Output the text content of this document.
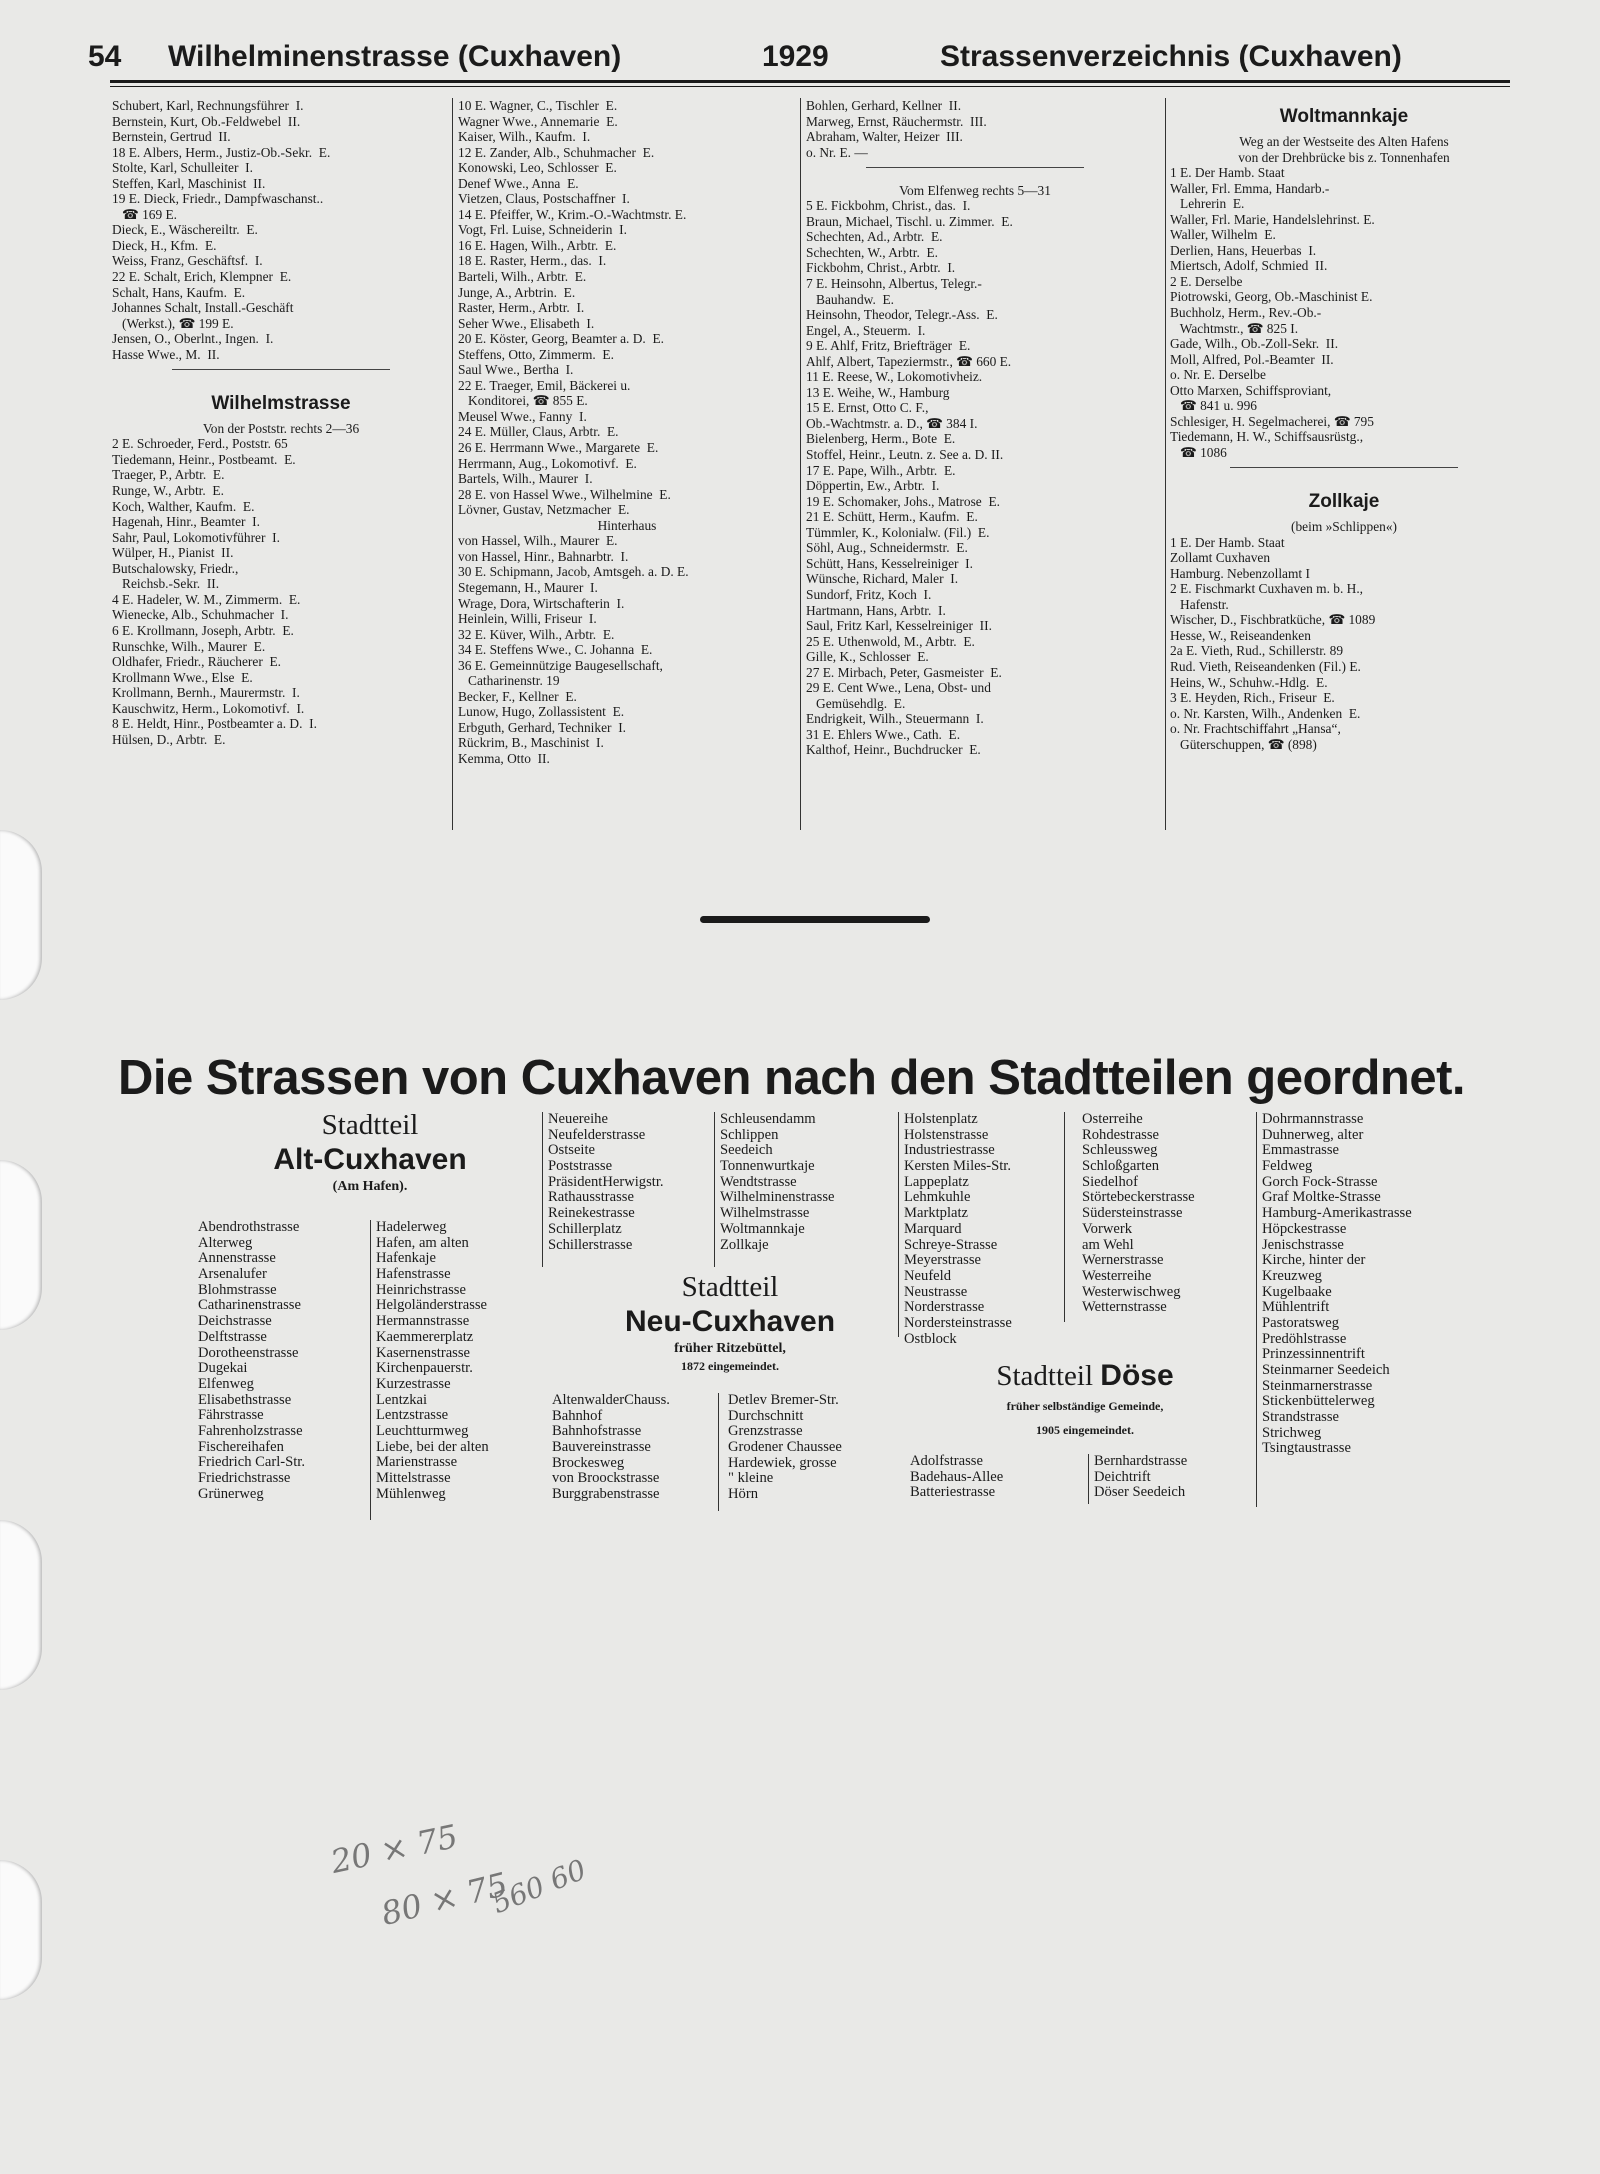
54 Wilhelminenstrasse (Cuxhaven)	1929	Strassenverzeichnis (Cuxhaven)
Schubert, Karl, Rechnungsführer  I.
Bernstein, Kurt, Ob.-Feldwebel  II.
Bernstein, Gertrud  II.
18 E. Albers, Herm., Justiz-Ob.-Sekr.  E.
Stolte, Karl, Schulleiter  I.
Steffen, Karl, Maschinist  II.
19 E. Dieck, Friedr., Dampfwaschanst..
☎ 169 E.
Dieck, E., Wäschereiltr.  E.
Dieck, H., Kfm.  E.
Weiss, Franz, Geschäftsf.  I.
22 E. Schalt, Erich, Klempner  E.
Schalt, Hans, Kaufm.  E.
Johannes Schalt, Install.-Geschäft
(Werkst.), ☎ 199 E.
Jensen, O., Oberlnt., Ingen.  I.
Hasse Wwe., M.  II.
Wilhelmstrasse
Von der Poststr. rechts 2—36
2 E. Schroeder, Ferd., Poststr. 65
Tiedemann, Heinr., Postbeamt.  E.
Traeger, P., Arbtr.  E.
Runge, W., Arbtr.  E.
Koch, Walther, Kaufm.  E.
Hagenah, Hinr., Beamter  I.
Sahr, Paul, Lokomotivführer  I.
Wülper, H., Pianist  II.
Butschalowsky, Friedr.,
Reichsb.-Sekr.  II.
4 E. Hadeler, W. M., Zimmerm.  E.
Wienecke, Alb., Schuhmacher  I.
6 E. Krollmann, Joseph, Arbtr.  E.
Runschke, Wilh., Maurer  E.
Oldhafer, Friedr., Räucherer  E.
Krollmann Wwe., Else  E.
Krollmann, Bernh., Maurermstr.  I.
Kauschwitz, Herm., Lokomotivf.  I.
8 E. Heldt, Hinr., Postbeamter a. D.  I.
Hülsen, D., Arbtr.  E.
10 E. Wagner, C., Tischler  E.
Wagner Wwe., Annemarie  E.
Kaiser, Wilh., Kaufm.  I.
12 E. Zander, Alb., Schuhmacher  E.
Konowski, Leo, Schlosser  E.
Denef Wwe., Anna  E.
Vietzen, Claus, Postschaffner  I.
14 E. Pfeiffer, W., Krim.-O.-Wachtmstr. E.
Vogt, Frl. Luise, Schneiderin  I.
16 E. Hagen, Wilh., Arbtr.  E.
18 E. Raster, Herm., das.  I.
Barteli, Wilh., Arbtr.  E.
Junge, A., Arbtrin.  E.
Raster, Herm., Arbtr.  I.
Seher Wwe., Elisabeth  I.
20 E. Köster, Georg, Beamter a. D.  E.
Steffens, Otto, Zimmerm.  E.
Saul Wwe., Bertha  I.
22 E. Traeger, Emil, Bäckerei u.
Konditorei, ☎ 855 E.
Meusel Wwe., Fanny  I.
24 E. Müller, Claus, Arbtr.  E.
26 E. Herrmann Wwe., Margarete  E.
Herrmann, Aug., Lokomotivf.  E.
Bartels, Wilh., Maurer  I.
28 E. von Hassel Wwe., Wilhelmine  E.
Lövner, Gustav, Netzmacher  E.
Hinterhaus
von Hassel, Wilh., Maurer  E.
von Hassel, Hinr., Bahnarbtr.  I.
30 E. Schipmann, Jacob, Amtsgeh. a. D. E.
Stegemann, H., Maurer  I.
Wrage, Dora, Wirtschafterin  I.
Heinlein, Willi, Friseur  I.
32 E. Küver, Wilh., Arbtr.  E.
34 E. Steffens Wwe., C. Johanna  E.
36 E. Gemeinnützige Baugesellschaft,
Catharinenstr. 19
Becker, F., Kellner  E.
Lunow, Hugo, Zollassistent  E.
Erbguth, Gerhard, Techniker  I.
Rückrim, B., Maschinist  I.
Kemma, Otto  II.
Bohlen, Gerhard, Kellner  II.
Marweg, Ernst, Räuchermstr.  III.
Abraham, Walter, Heizer  III.
o. Nr. E. —
Vom Elfenweg rechts 5—31
5 E. Fickbohm, Christ., das.  I.
Braun, Michael, Tischl. u. Zimmer.  E.
Schechten, Ad., Arbtr.  E.
Schechten, W., Arbtr.  E.
Fickbohm, Christ., Arbtr.  I.
7 E. Heinsohn, Albertus, Telegr.-
Bauhandw.  E.
Heinsohn, Theodor, Telegr.-Ass.  E.
Engel, A., Steuerm.  I.
9 E. Ahlf, Fritz, Briefträger  E.
Ahlf, Albert, Tapeziermstr., ☎ 660 E.
11 E. Reese, W., Lokomotivheiz.
13 E. Weihe, W., Hamburg
15 E. Ernst, Otto C. F.,
Ob.-Wachtmstr. a. D., ☎ 384 I.
Bielenberg, Herm., Bote  E.
Stoffel, Heinr., Leutn. z. See a. D. II.
17 E. Pape, Wilh., Arbtr.  E.
Döppertin, Ew., Arbtr.  I.
19 E. Schomaker, Johs., Matrose  E.
21 E. Schütt, Herm., Kaufm.  E.
Tümmler, K., Kolonialw. (Fil.)  E.
Söhl, Aug., Schneidermstr.  E.
Schütt, Hans, Kesselreiniger  I.
Wünsche, Richard, Maler  I.
Sundorf, Fritz, Koch  I.
Hartmann, Hans, Arbtr.  I.
Saul, Fritz Karl, Kesselreiniger  II.
25 E. Uthenwold, M., Arbtr.  E.
Gille, K., Schlosser  E.
27 E. Mirbach, Peter, Gasmeister  E.
29 E. Cent Wwe., Lena, Obst- und
Gemüsehdlg.  E.
Endrigkeit, Wilh., Steuermann  I.
31 E. Ehlers Wwe., Cath.  E.
Kalthof, Heinr., Buchdrucker  E.
Woltmannkaje
Weg an der Westseite des Alten Hafens
von der Drehbrücke bis z. Tonnenhafen
1 E. Der Hamb. Staat
Waller, Frl. Emma, Handarb.-
Lehrerin  E.
Waller, Frl. Marie, Handelslehrinst. E.
Waller, Wilhelm  E.
Derlien, Hans, Heuerbas  I.
Miertsch, Adolf, Schmied  II.
2 E. Derselbe
Piotrowski, Georg, Ob.-Maschinist E.
Buchholz, Herm., Rev.-Ob.-
Wachtmstr., ☎ 825 I.
Gade, Wilh., Ob.-Zoll-Sekr.  II.
Moll, Alfred, Pol.-Beamter  II.
o. Nr. E. Derselbe
Otto Marxen, Schiffsproviant,
☎ 841 u. 996
Schlesiger, H. Segelmacherei, ☎ 795
Tiedemann, H. W., Schiffsausrüstg.,
☎ 1086
Zollkaje
(beim »Schlippen«)
1 E. Der Hamb. Staat
Zollamt Cuxhaven
Hamburg. Nebenzollamt I
2 E. Fischmarkt Cuxhaven m. b. H.,
Hafenstr.
Wischer, D., Fischbratküche, ☎ 1089
Hesse, W., Reiseandenken
2a E. Vieth, Rud., Schillerstr. 89
Rud. Vieth, Reiseandenken (Fil.) E.
Heins, W., Schuhw.-Hdlg.  E.
3 E. Heyden, Rich., Friseur  E.
o. Nr. Karsten, Wilh., Andenken  E.
o. Nr. Frachtschiffahrt „Hansa“,
Güterschuppen, ☎ (898)
Die Strassen von Cuxhaven nach den Stadtteilen geordnet.
Stadtteil
Alt-Cuxhaven
(Am Hafen).
Abendrothstrasse
Alterweg
Annenstrasse
Arsenalufer
Blohmstrasse
Catharinenstrasse
Deichstrasse
Delftstrasse
Dorotheenstrasse
Dugekai
Elfenweg
Elisabethstrasse
Fährstrasse
Fahrenholzstrasse
Fischereihafen
Friedrich Carl-Str.
Friedrichstrasse
Grünerweg
Hadelerweg
Hafen, am alten
Hafenkaje
Hafenstrasse
Heinrichstrasse
Helgoländerstrasse
Hermannstrasse
Kaemmererplatz
Kasernenstrasse
Kirchenpauerstr.
Kurzestrasse
Lentzkai
Lentzstrasse
Leuchtturmweg
Liebe, bei der alten
Marienstrasse
Mittelstrasse
Mühlenweg
Neuereihe
Neufelderstrasse
Ostseite
Poststrasse
PräsidentHerwigstr.
Rathausstrasse
Reinekestrasse
Schillerplatz
Schillerstrasse
Schleusendamm
Schlippen
Seedeich
Tonnenwurtkaje
Wendtstrasse
Wilhelminenstrasse
Wilhelmstrasse
Woltmannkaje
Zollkaje
Stadtteil
Neu-Cuxhaven
früher Ritzebüttel,
1872 eingemeindet.
AltenwalderChauss.
Bahnhof
Bahnhofstrasse
Bauvereinstrasse
Brockesweg
von Broockstrasse
Burggrabenstrasse
Detlev Bremer-Str.
Durchschnitt
Grenzstrasse
Grodener Chaussee
Hardewiek, grosse
" kleine
Hörn
Holstenplatz
Holstenstrasse
Industriestrasse
Kersten Miles-Str.
Lappeplatz
Lehmkuhle
Marktplatz
Marquard
Schreye-Strasse
Meyerstrasse
Neufeld
Neustrasse
Norderstrasse
Nordersteinstrasse
Ostblock
Osterreihe
Rohdestrasse
Schleussweg
Schloßgarten
Siedelhof
Störtebeckerstrasse
Südersteinstrasse
Vorwerk
am Wehl
Wernerstrasse
Westerreihe
Westerwischweg
Wetternstrasse
Stadtteil Döse
früher selbständige Gemeinde,
1905 eingemeindet.
Adolfstrasse
Badehaus-Allee
Batteriestrasse
Bernhardstrasse
Deichtrift
Döser Seedeich
Dohrmannstrasse
Duhnerweg, alter
Emmastrasse
Feldweg
Gorch Fock-Strasse
Graf Moltke-Strasse
Hamburg-Amerikastrasse
Höpckestrasse
Jenischstrasse
Kirche, hinter der
Kreuzweg
Kugelbaake
Mühlentrift
Pastoratsweg
Predöhlstrasse
Prinzessinnentrift
Steinmarner Seedeich
Steinmarnerstrasse
Stickenbüttelerweg
Strandstrasse
Strichweg
Tsingtaustrasse
20 × 75
80 × 75
560 60
